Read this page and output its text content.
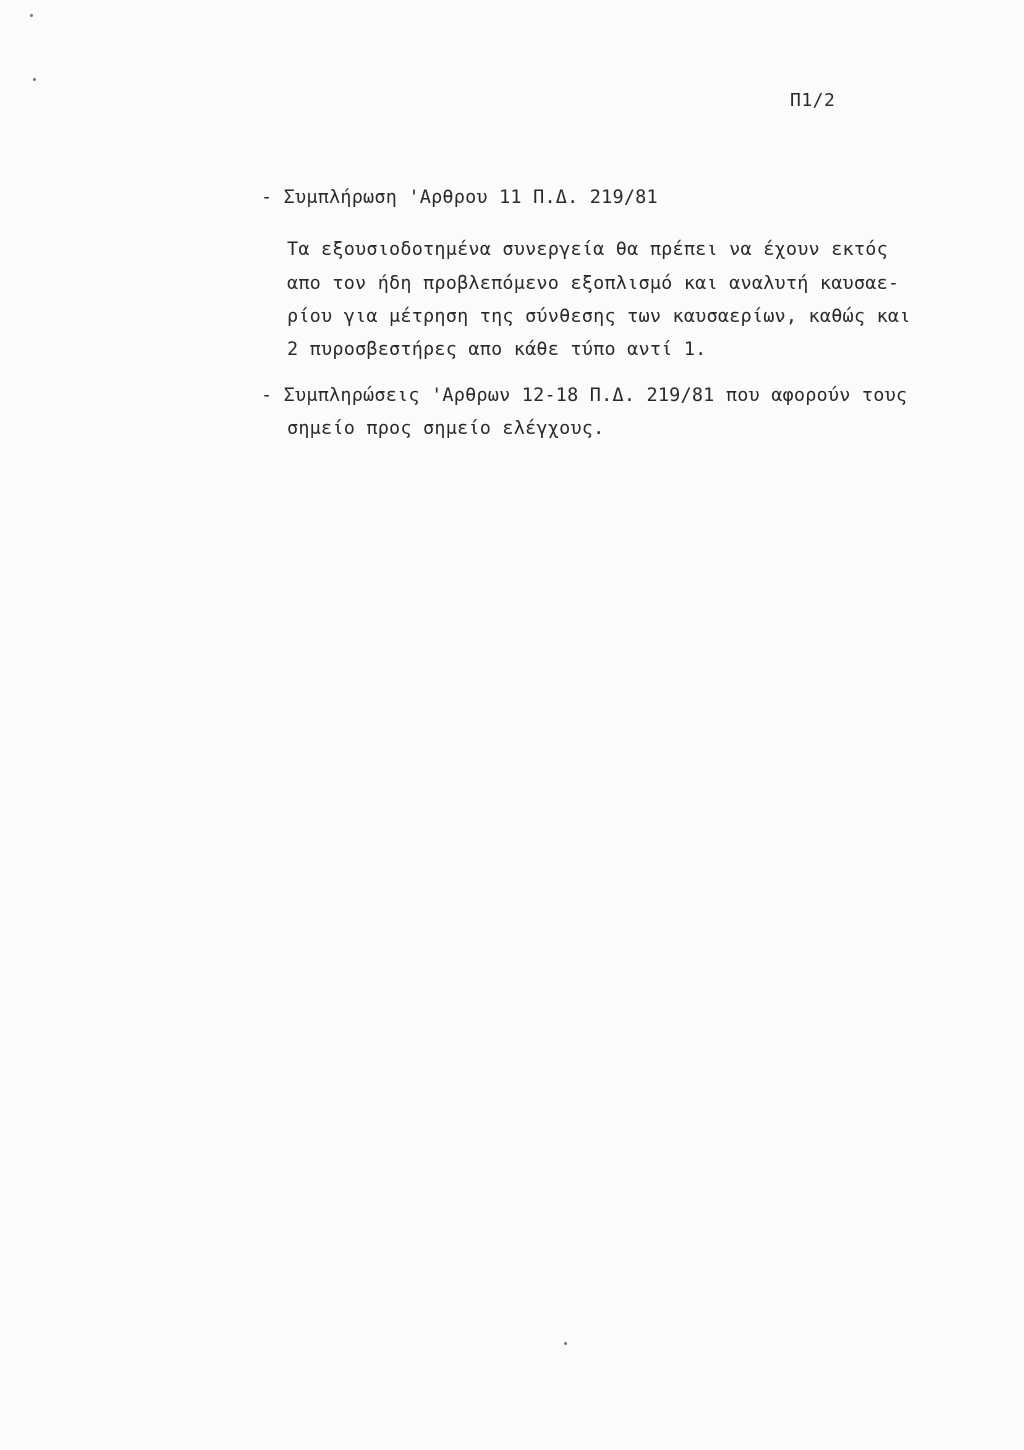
Π1/2
- Συμπλήρωση 'Αρθρου 11 Π.Δ. 219/81
Τα εξουσιοδοτημένα συνεργεία θα πρέπει να έχουν εκτός
απο τον ήδη προβλεπόμενο εξοπλισμό και αναλυτή καυσαε-
ρίου για μέτρηση της σύνθεσης των καυσαερίων, καθώς και
2 πυροσβεστήρες απο κάθε τύπο αντί 1.
- Συμπληρώσεις 'Αρθρων 12-18 Π.Δ. 219/81 που αφορούν τους
σημείο προς σημείο ελέγχους.
